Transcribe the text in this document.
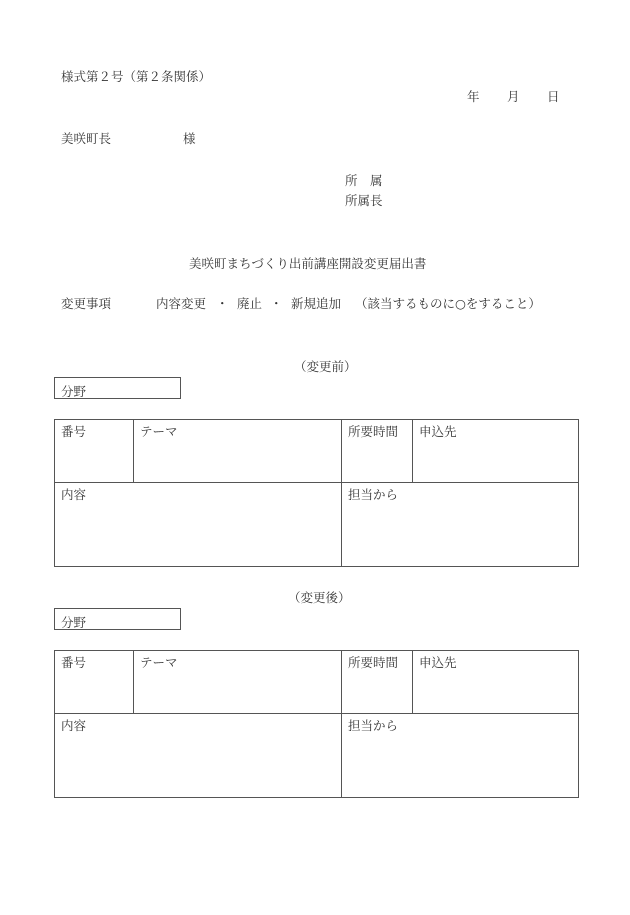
様式第２号（第２条関係）
年 月 日
美咲町長	様
所　属
所属長
美咲町まちづくり出前講座開設変更届出書
変更事項	内容変更 ・ 廃止 ・ 新規追加 （該当するものに○をすること）
（変更前）
分野
番号	テーマ	所要時間	申込先
内容		担当から	
（変更後）
分野
番号	テーマ	所要時間	申込先
内容		担当から	
